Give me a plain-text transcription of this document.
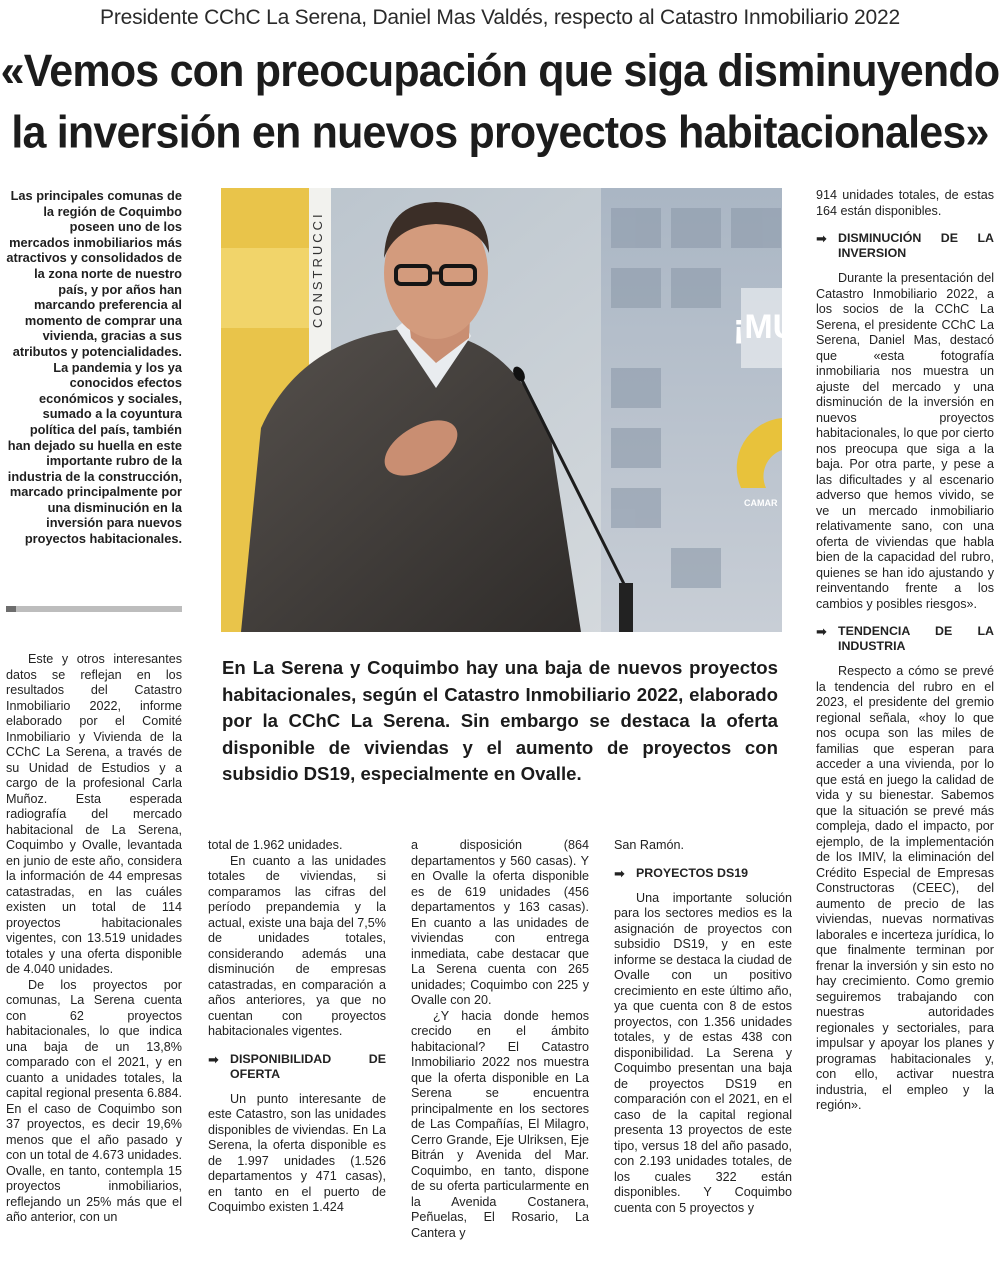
Presidente CChC La Serena, Daniel Mas Valdés, respecto al Catastro Inmobiliario 2022
«Vemos con preocupación que siga disminuyendo
la inversión en nuevos proyectos habitacionales»
Las principales comunas de la región de Coquimbo poseen uno de los mercados inmobiliarios más atractivos y consolidados de la zona norte de nuestro país, y por años han marcando preferencia al momento de comprar una vivienda, gracias a sus atributos y potencialidades. La pandemia y los ya conocidos efectos económicos y sociales, sumado a la coyuntura política del país, también han dejado su huella en este importante rubro de la industria de la construcción, marcado principalmente por una disminución en la inversión para nuevos proyectos habitacionales.
¡MUCH
CAMAR
CONSTRUCCI
En La Serena y Coquimbo hay una baja de nuevos proyectos habitacionales, según el Catastro Inmobiliario 2022, elaborado por la CChC La Serena. Sin embargo se destaca la oferta disponible de viviendas y el aumento de proyectos con subsidio DS19, especialmente en Ovalle.

Este y otros interesantes datos se reflejan en los resultados del Catastro Inmobiliario 2022, informe elaborado por el Comité Inmobiliario y Vivienda de la CChC La Serena, a través de su Unidad de Estudios y a cargo de la profesional Carla Muñoz. Esta esperada radiografía del mercado habitacional de La Serena, Coquimbo y Ovalle, levantada en junio de este año, considera la información de 44 empresas catastradas, en las cuáles existen un total de 114 proyectos habitacionales vigentes, con 13.519 unidades totales y una oferta disponible de 4.040 unidades.

De los proyectos por comunas, La Serena cuenta con 62 proyectos habitacionales, lo que indica una baja de un 13,8% comparado con el 2021, y en cuanto a unidades totales, la capital regional presenta 6.884. En el caso de Coquimbo son 37 proyectos, es decir 19,6% menos que el año pasado y con un total de 4.673 unidades. Ovalle, en tanto, contempla 15 proyectos inmobiliarios, reflejando un 25% más que el año anterior, con un

total de 1.962 unidades.

En cuanto a las unidades totales de viviendas, si comparamos las cifras del período prepandemia y la actual, existe una baja del 7,5% de unidades totales, considerando además una disminución de empresas catastradas, en comparación a años anteriores, ya que no cuentan con proyectos habitacionales vigentes.

➡ DISPONIBILIDAD DE OFERTA

Un punto interesante de este Catastro, son las unidades disponibles de viviendas. En La Serena, la oferta disponible es de 1.997 unidades (1.526 departamentos y 471 casas), en tanto en el puerto de Coquimbo existen 1.424

a disposición (864 departamentos y 560 casas). Y en Ovalle la oferta disponible es de 619 unidades (456 departamentos y 163 casas). En cuanto a las unidades de viviendas con entrega inmediata, cabe destacar que La Serena cuenta con 265 unidades; Coquimbo con 225 y Ovalle con 20.

¿Y hacia donde hemos crecido en el ámbito habitacional? El Catastro Inmobiliario 2022 nos muestra que la oferta disponible en La Serena se encuentra principalmente en los sectores de Las Compañías, El Milagro, Cerro Grande, Eje Ulriksen, Eje Bitrán y Avenida del Mar. Coquimbo, en tanto, dispone de su oferta particularmente en la Avenida Costanera, Peñuelas, El Rosario, La Cantera y

San Ramón.

➡ PROYECTOS DS19

Una importante solución para los sectores medios es la asignación de proyectos con subsidio DS19, y en este informe se destaca la ciudad de Ovalle con un positivo crecimiento en este último año, ya que cuenta con 8 de estos proyectos, con 1.356 unidades totales, y de estas 438 con disponibilidad. La Serena y Coquimbo presentan una baja de proyectos DS19 en comparación con el 2021, en el caso de la capital regional presenta 13 proyectos de este tipo, versus 18 del año pasado, con 2.193 unidades totales, de los cuales 322 están disponibles. Y Coquimbo cuenta con 5 proyectos y

914 unidades totales, de estas 164 están disponibles.

➡ DISMINUCIÓN DE LA INVERSION

Durante la presentación del Catastro Inmobiliario 2022, a los socios de la CChC La Serena, el presidente CChC La Serena, Daniel Mas, destacó que «esta fotografía inmobiliaria nos muestra un ajuste del mercado y una disminución de la inversión en nuevos proyectos habitacionales, lo que por cierto nos preocupa que siga a la baja. Por otra parte, y pese a las dificultades y al escenario adverso que hemos vivido, se ve un mercado inmobiliario relativamente sano, con una oferta de viviendas que habla bien de la capacidad del rubro, quienes se han ido ajustando y reinventando frente a los cambios y posibles riesgos».

➡ TENDENCIA DE LA INDUSTRIA

Respecto a cómo se prevé la tendencia del rubro en el 2023, el presidente del gremio regional señala, «hoy lo que nos ocupa son las miles de familias que esperan para acceder a una vivienda, por lo que está en juego la calidad de vida y su bienestar. Sabemos que la situación se prevé más compleja, dado el impacto, por ejemplo, de la implementación de los IMIV, la eliminación del Crédito Especial de Empresas Constructoras (CEEC), del aumento de precio de las viviendas, nuevas normativas laborales e incerteza jurídica, lo que finalmente terminan por frenar la inversión y sin esto no hay crecimiento. Como gremio seguiremos trabajando con nuestras autoridades regionales y sectoriales, para impulsar y apoyar los planes y programas habitacionales y, con ello, activar nuestra industria, el empleo y la región».
